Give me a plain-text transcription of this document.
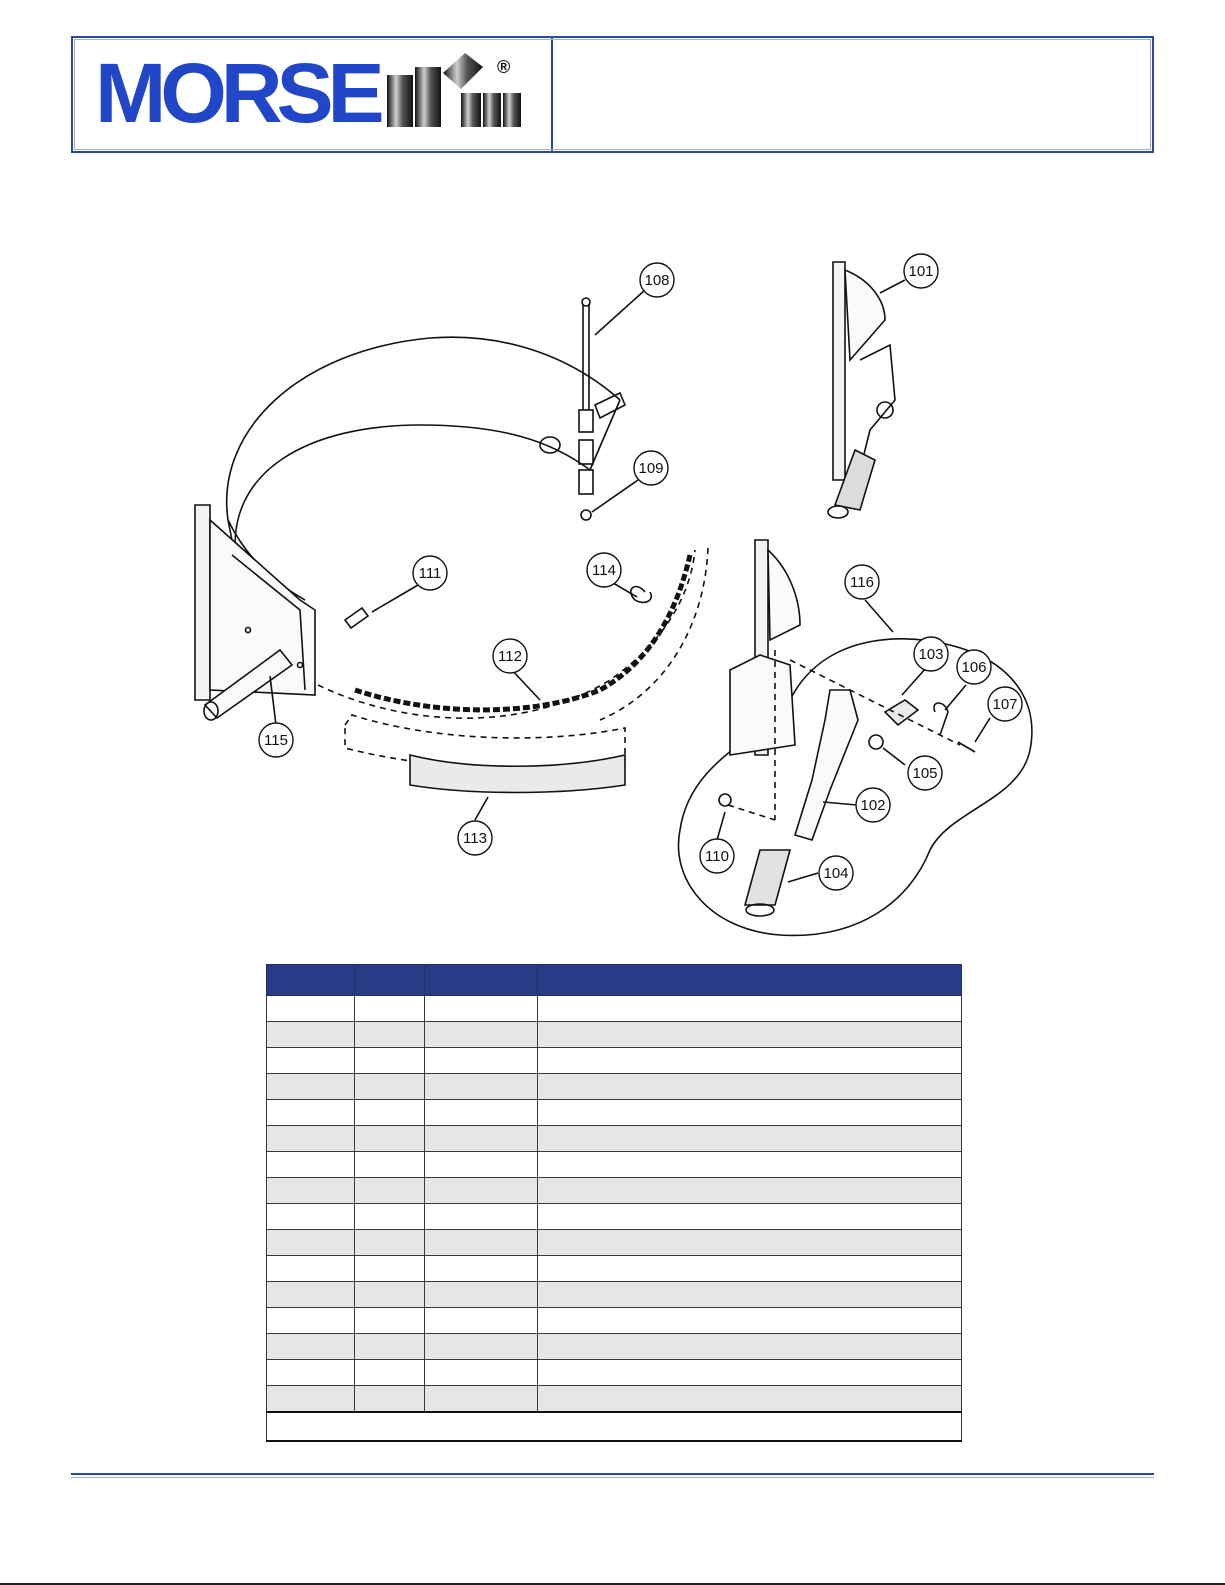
MORSE	®
108
101
109
111	114
112
115
113
116
103
106
107
105
102
110
104
